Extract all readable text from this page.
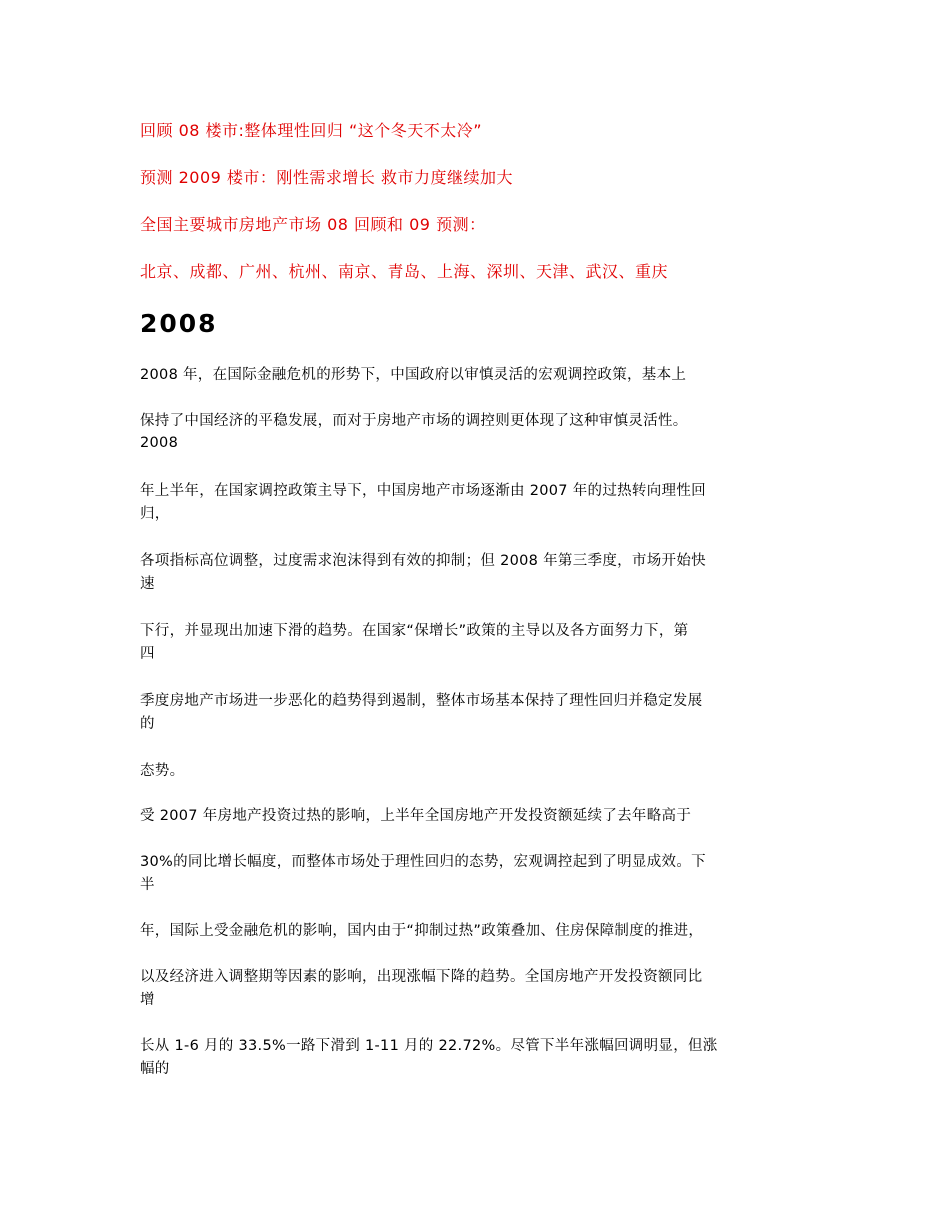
回顾 08 楼市:整体理性回归 “这个冬天不太冷”
预测 2009 楼市：刚性需求增长 救市力度继续加大
全国主要城市房地产市场 08 回顾和 09 预测：
北京、成都、广州、杭州、南京、青岛、上海、深圳、天津、武汉、重庆
2008
2008 年，在国际金融危机的形势下，中国政府以审慎灵活的宏观调控政策，基本上
保持了中国经济的平稳发展，而对于房地产市场的调控则更体现了这种审慎灵活性。
2008
年上半年，在国家调控政策主导下，中国房地产市场逐渐由 2007 年的过热转向理性回
归，
各项指标高位调整，过度需求泡沫得到有效的抑制；但 2008 年第三季度，市场开始快
速
下行，并显现出加速下滑的趋势。在国家“保增长”政策的主导以及各方面努力下，第
四
季度房地产市场进一步恶化的趋势得到遏制，整体市场基本保持了理性回归并稳定发展
的
态势。
受 2007 年房地产投资过热的影响，上半年全国房地产开发投资额延续了去年略高于
30%的同比增长幅度，而整体市场处于理性回归的态势，宏观调控起到了明显成效。下
半
年，国际上受金融危机的影响，国内由于“抑制过热”政策叠加、住房保障制度的推进，
以及经济进入调整期等因素的影响，出现涨幅下降的趋势。全国房地产开发投资额同比
增
长从 1-6 月的 33.5%一路下滑到 1-11 月的 22.72%。尽管下半年涨幅回调明显，但涨
幅的
